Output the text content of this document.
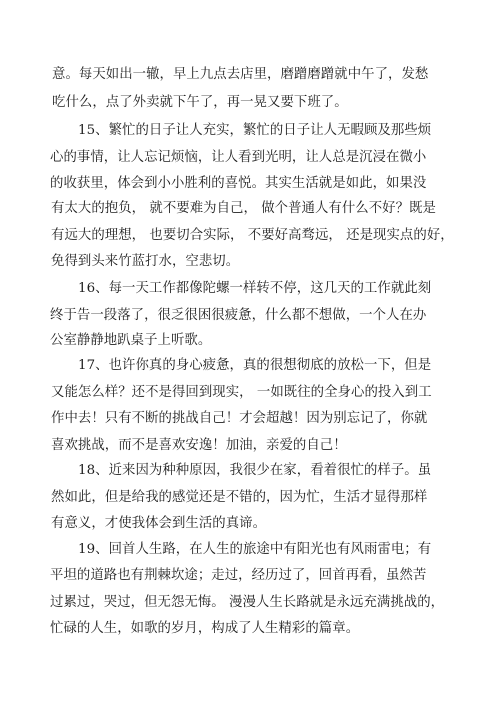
意。每天如出一辙，早上九点去店里，磨蹭磨蹭就中午了，发愁
吃什么，点了外卖就下午了，再一晃又要下班了。
15、繁忙的日子让人充实，繁忙的日子让人无暇顾及那些烦
心的事情，让人忘记烦恼，让人看到光明，让人总是沉浸在微小
的收获里，体会到小小胜利的喜悦。其实生活就是如此，如果没
有太大的抱负， 就不要难为自己， 做个普通人有什么不好？既是
有远大的理想， 也要切合实际， 不要好高骛远， 还是现实点的好，
免得到头来竹蓝打水，空悲切。
16、每一天工作都像陀螺一样转不停，这几天的工作就此刻
终于告一段落了，很乏很困很疲惫，什么都不想做，一个人在办
公室静静地趴桌子上听歌。
17、也许你真的身心疲惫，真的很想彻底的放松一下，但是
又能怎么样？还不是得回到现实， 一如既往的全身心的投入到工
作中去！只有不断的挑战自己！才会超越！因为别忘记了，你就
喜欢挑战，而不是喜欢安逸！加油，亲爱的自己！
18、近来因为种种原因，我很少在家，看着很忙的样子。虽
然如此，但是给我的感觉还是不错的，因为忙，生活才显得那样
有意义，才使我体会到生活的真谛。
19、回首人生路，在人生的旅途中有阳光也有风雨雷电；有
平坦的道路也有荆棘坎途；走过，经历过了，回首再看，虽然苦
过累过，哭过，但无怨无悔。 漫漫人生长路就是永远充满挑战的，
忙碌的人生，如歌的岁月，构成了人生精彩的篇章。
